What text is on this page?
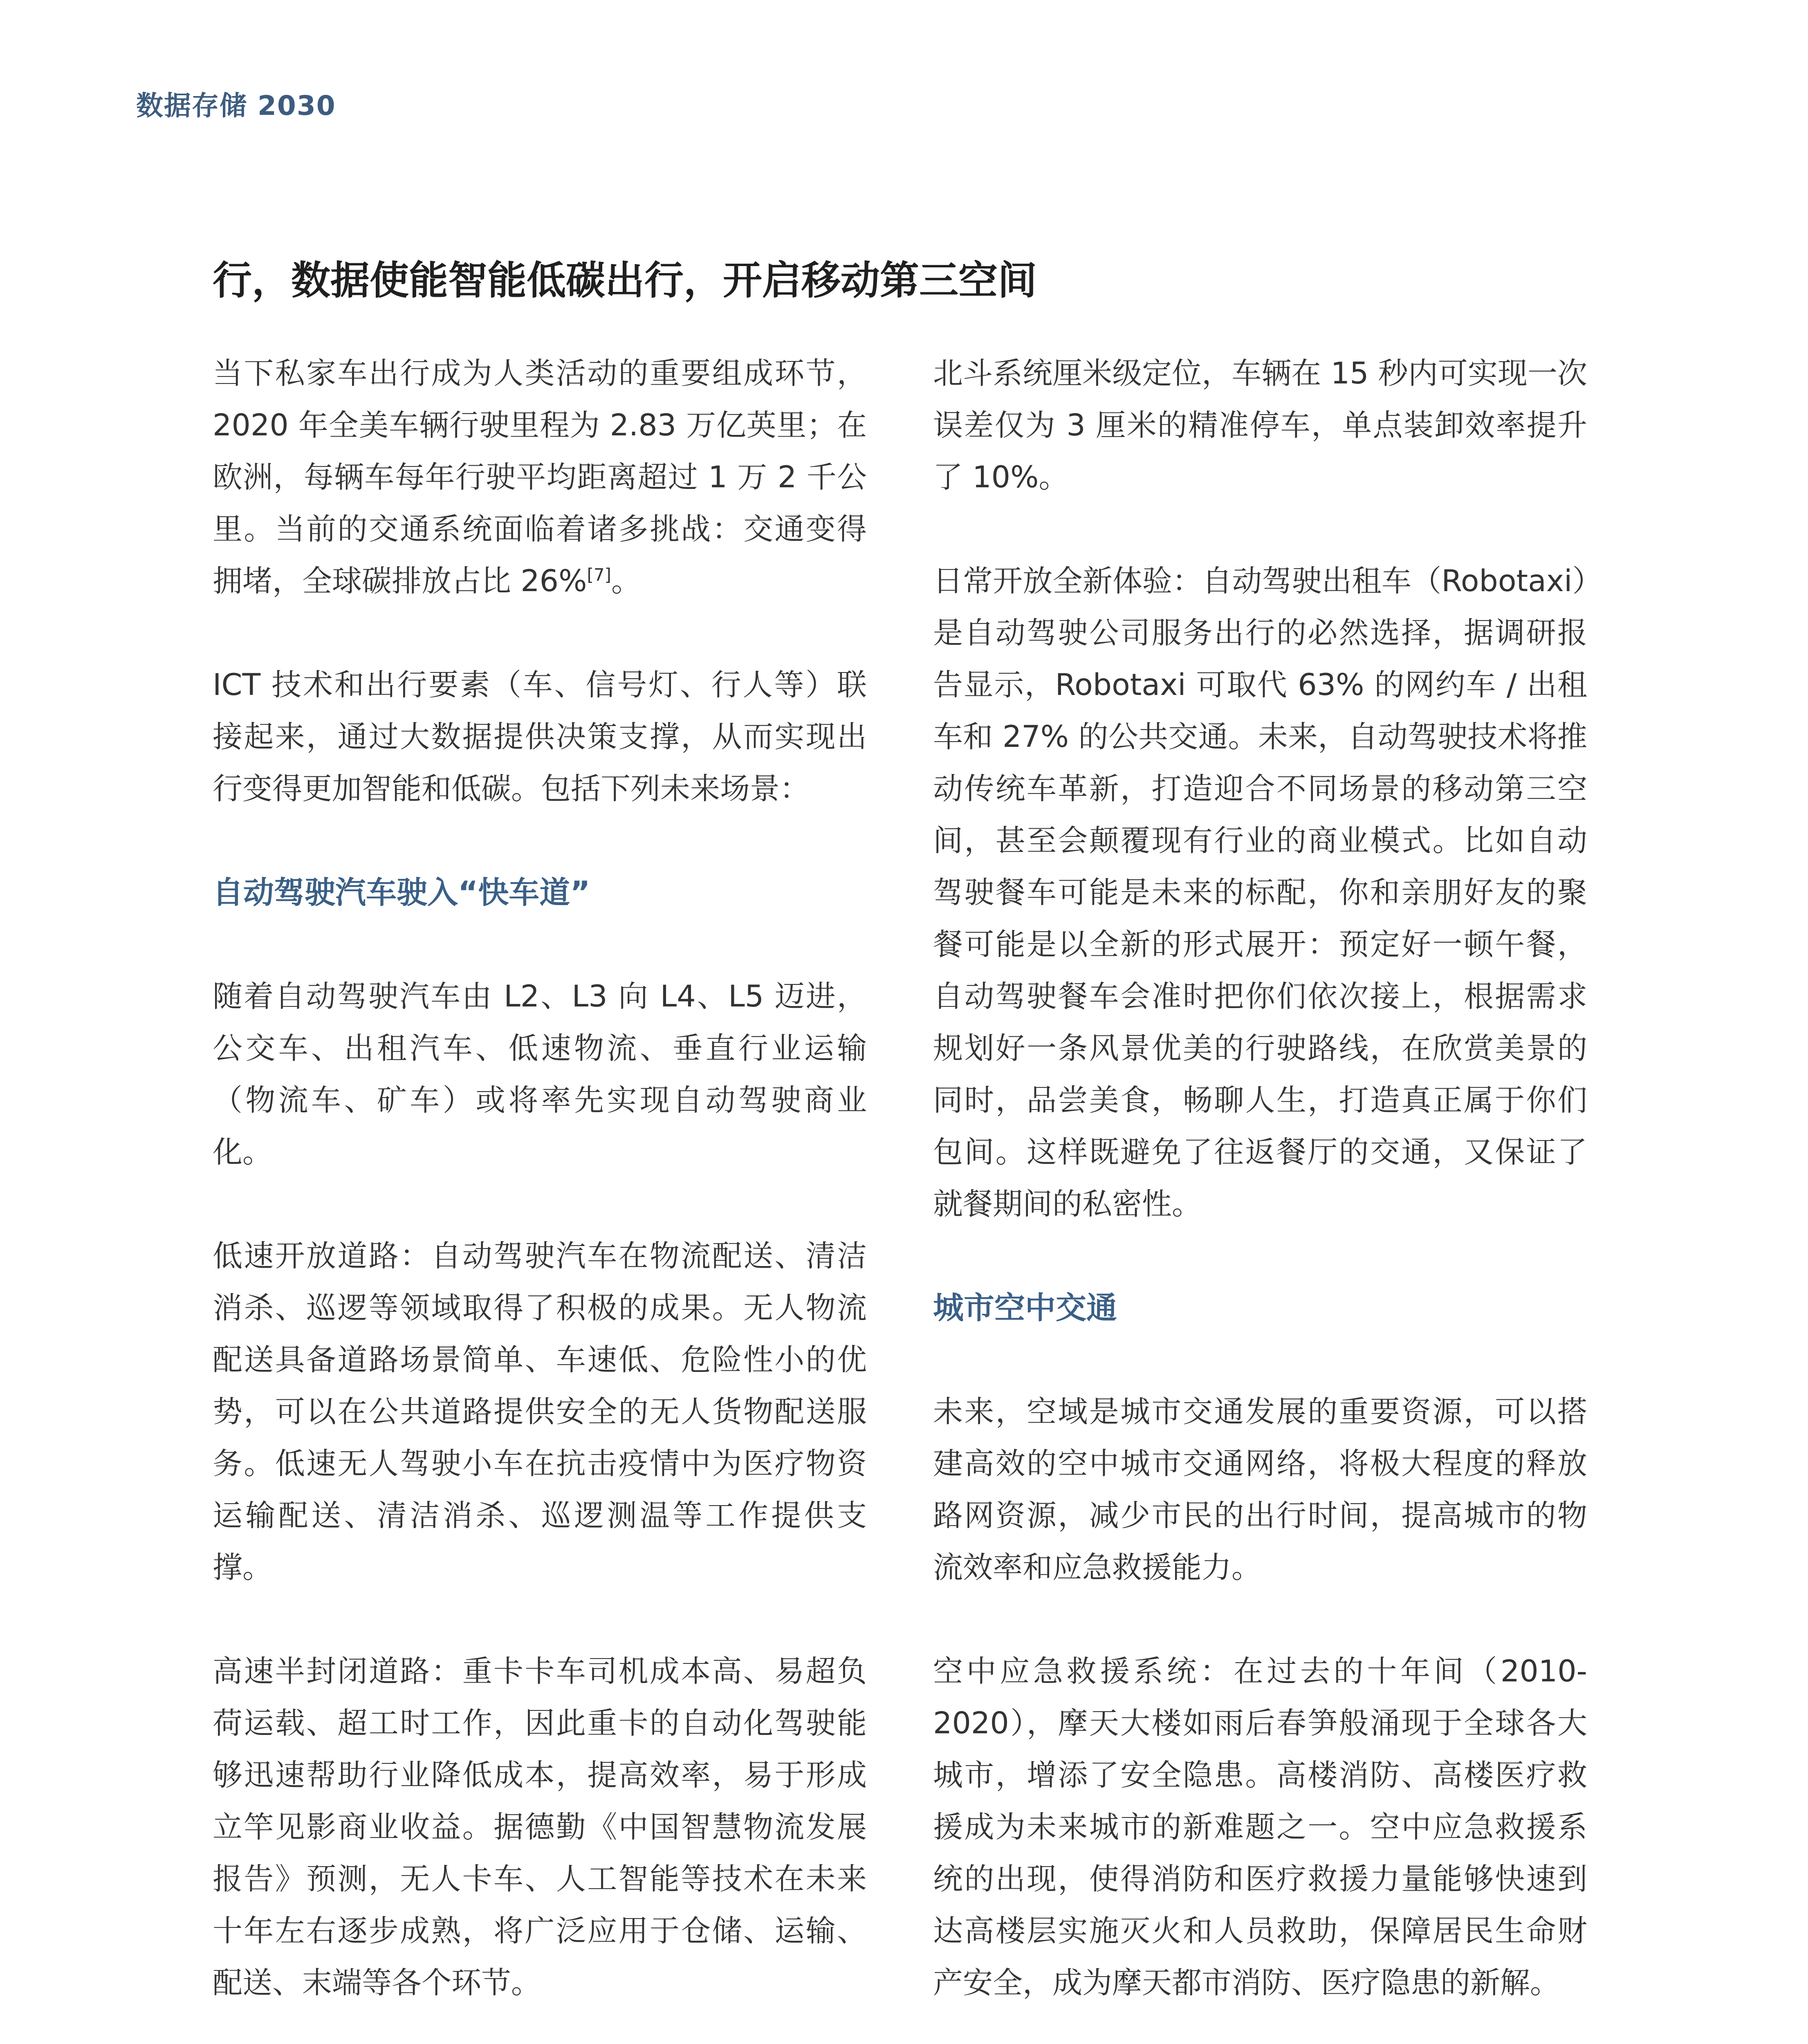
数据存储 2030
行，数据使能智能低碳出行，开启移动第三空间

当下私家车出行成为人类活动的重要组成环节，2020 年全美车辆行驶里程为 2.83 万亿英里；在欧洲，每辆车每年行驶平均距离超过 1 万 2 千公里。当前的交通系统面临着诸多挑战：交通变得拥堵，全球碳排放占比 26%[7]。

ICT 技术和出行要素（车、信号灯、行人等）联接起来，通过大数据提供决策支撑，从而实现出行变得更加智能和低碳。包括下列未来场景：

自动驾驶汽车驶入“快车道”

随着自动驾驶汽车由 L2、L3 向 L4、L5 迈进，公交车、出租汽车、低速物流、垂直行业运输（物流车、矿车）或将率先实现自动驾驶商业化。

低速开放道路：自动驾驶汽车在物流配送、清洁消杀、巡逻等领域取得了积极的成果。无人物流配送具备道路场景简单、车速低、危险性小的优势，可以在公共道路提供安全的无人货物配送服务。低速无人驾驶小车在抗击疫情中为医疗物资运输配送、清洁消杀、巡逻测温等工作提供支撑。

高速半封闭道路：重卡卡车司机成本高、易超负荷运载、超工时工作，因此重卡的自动化驾驶能够迅速帮助行业降低成本，提高效率，易于形成立竿见影商业收益。据德勤《中国智慧物流发展报告》预测，无人卡车、人工智能等技术在未来十年左右逐步成熟，将广泛应用于仓储、运输、配送、末端等各个环节。

北斗系统厘米级定位，车辆在 15 秒内可实现一次误差仅为 3 厘米的精准停车，单点装卸效率提升了 10%。

日常开放全新体验：自动驾驶出租车（Robotaxi）是自动驾驶公司服务出行的必然选择，据调研报告显示，Robotaxi 可取代 63% 的网约车 / 出租车和 27% 的公共交通。未来，自动驾驶技术将推动传统车革新，打造迎合不同场景的移动第三空间，甚至会颠覆现有行业的商业模式。比如自动驾驶餐车可能是未来的标配，你和亲朋好友的聚餐可能是以全新的形式展开：预定好一顿午餐，自动驾驶餐车会准时把你们依次接上，根据需求规划好一条风景优美的行驶路线，在欣赏美景的同时，品尝美食，畅聊人生，打造真正属于你们包间。这样既避免了往返餐厅的交通，又保证了就餐期间的私密性。

城市空中交通

未来，空域是城市交通发展的重要资源，可以搭建高效的空中城市交通网络，将极大程度的释放路网资源，减少市民的出行时间，提高城市的物流效率和应急救援能力。

空中应急救援系统：在过去的十年间（2010-2020），摩天大楼如雨后春笋般涌现于全球各大城市，增添了安全隐患。高楼消防、高楼医疗救援成为未来城市的新难题之一。空中应急救援系统的出现，使得消防和医疗救援力量能够快速到达高楼层实施灭火和人员救助，保障居民生命财产安全，成为摩天都市消防、医疗隐患的新解。
